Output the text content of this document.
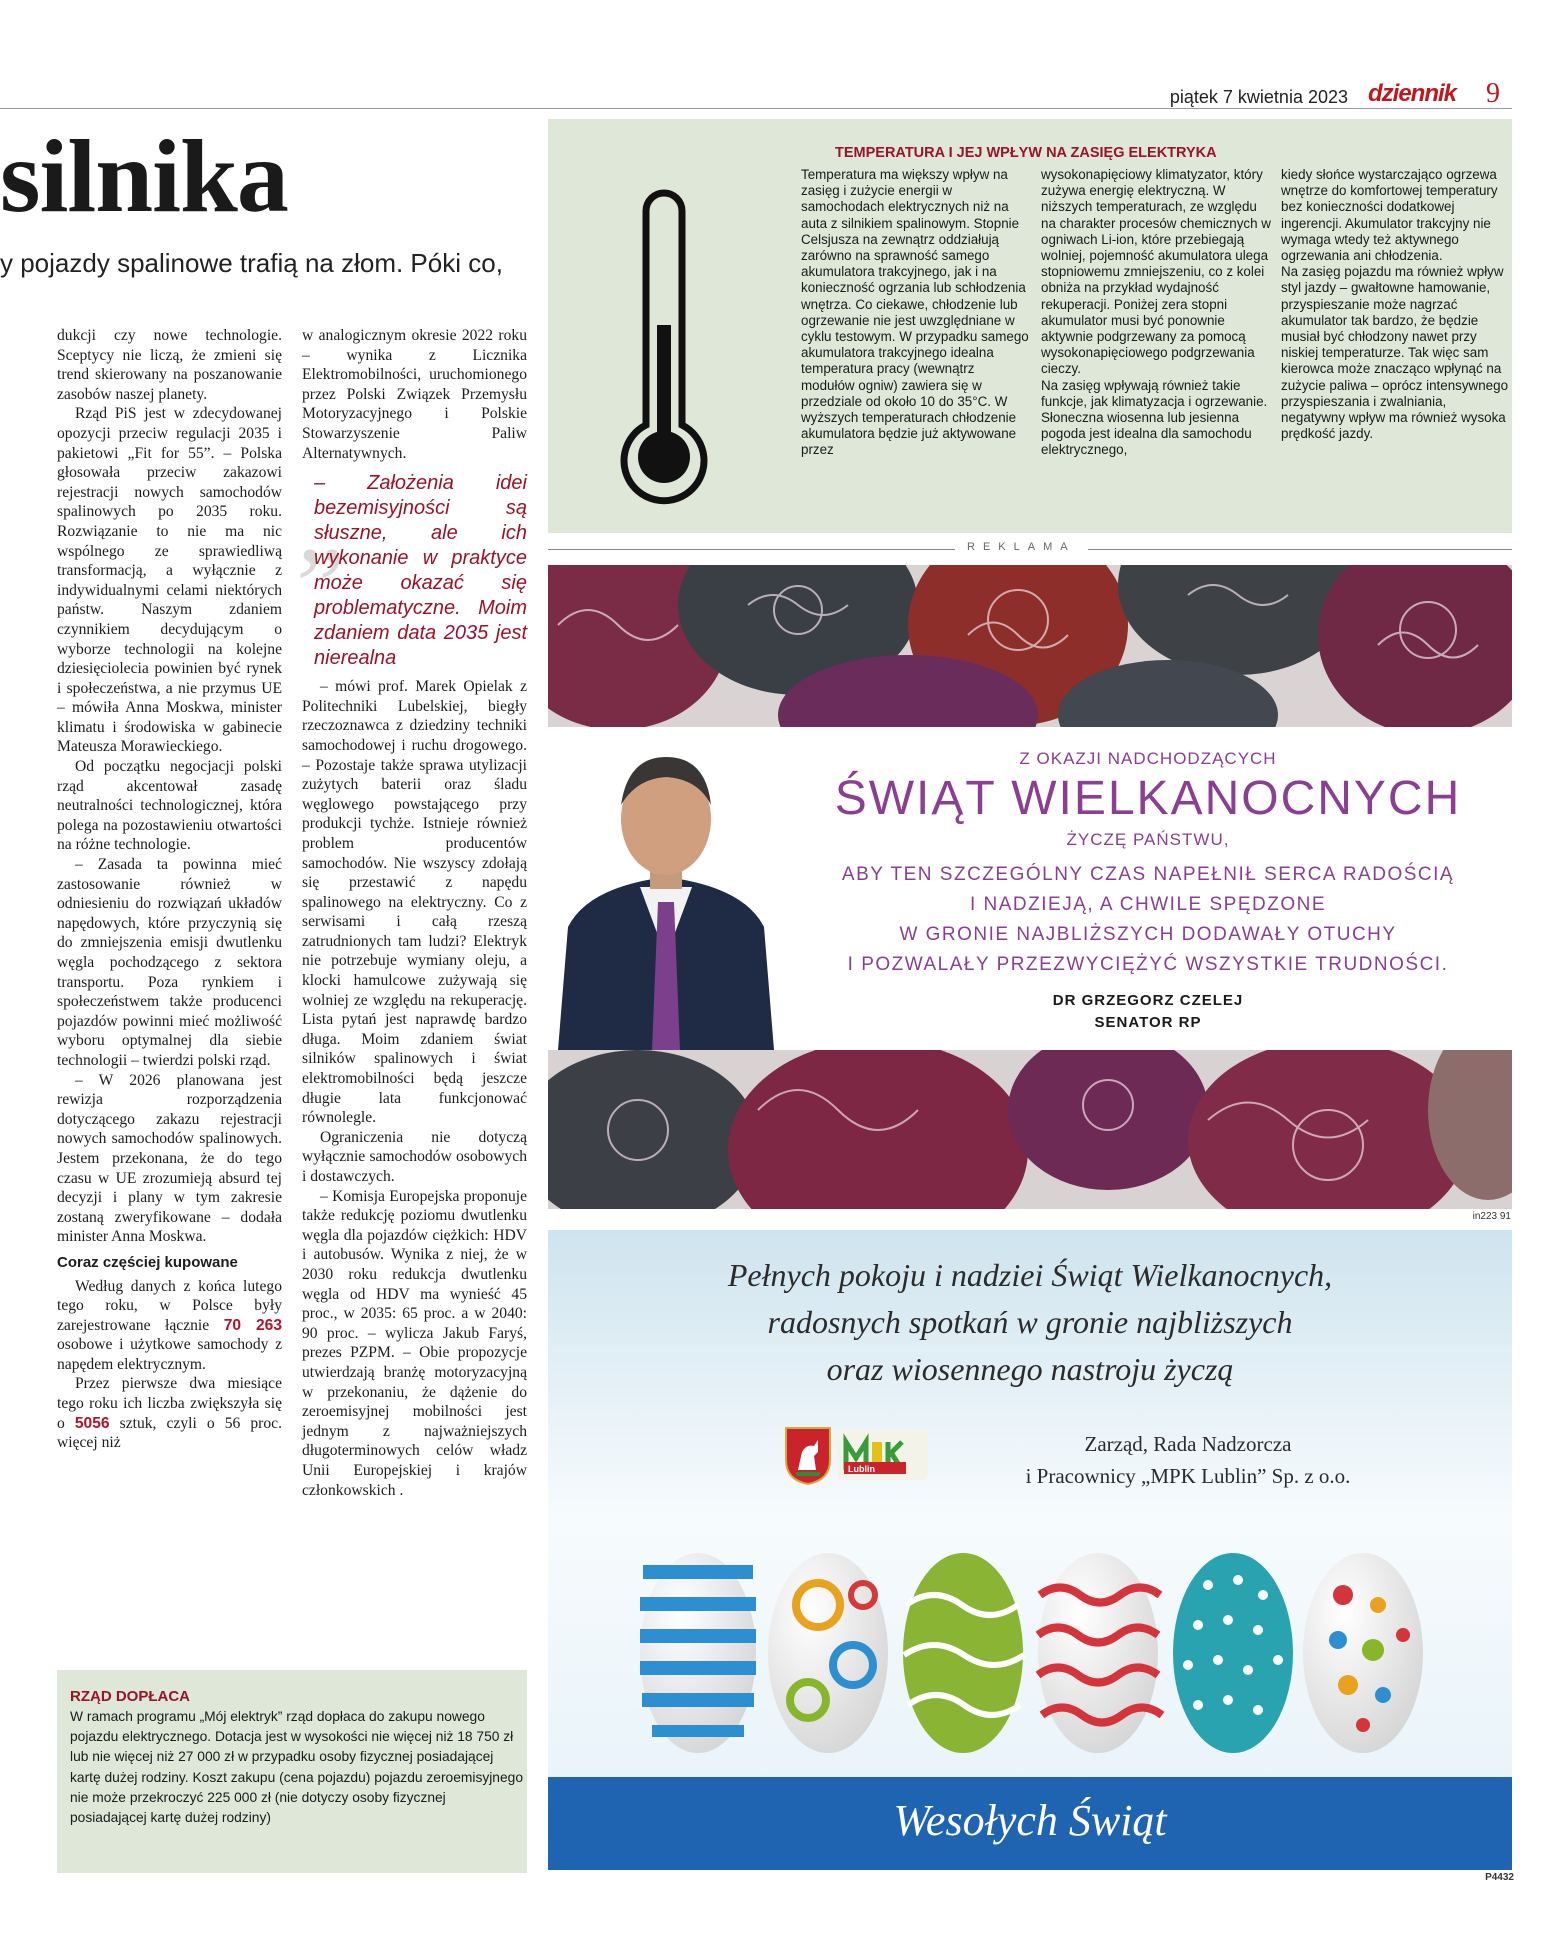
piątek 7 kwietnia 2023 dziennik 9
silnika
y pojazdy spalinowe trafią na złom. Póki co,

dukcji czy nowe technologie. Sceptycy nie liczą, że zmieni się trend skierowany na poszanowanie zasobów naszej planety.

Rząd PiS jest w zdecydowanej opozycji przeciw regulacji 2035 i pakietowi „Fit for 55”. – Polska głosowała przeciw zakazowi rejestracji nowych samochodów spalinowych po 2035 roku. Rozwiązanie to nie ma nic wspólnego ze sprawiedliwą transformacją, a wyłącznie z indywidualnymi celami niektórych państw. Naszym zdaniem czynnikiem decydującym o wyborze technologii na kolejne dziesięciolecia powinien być rynek i społeczeństwa, a nie przymus UE – mówiła Anna Moskwa, minister klimatu i środowiska w gabinecie Mateusza Morawieckiego.

Od początku negocjacji polski rząd akcentował zasadę neutralności technologicznej, która polega na pozostawieniu otwartości na różne technologie.

– Zasada ta powinna mieć zastosowanie również w odniesieniu do rozwiązań układów napędowych, które przyczynią się do zmniejszenia emisji dwutlenku węgla pochodzącego z sektora transportu. Poza rynkiem i społeczeństwem także producenci pojazdów powinni mieć możliwość wyboru optymalnej dla siebie technologii – twierdzi polski rząd.

– W 2026 planowana jest rewizja rozporządzenia dotyczącego zakazu rejestracji nowych samochodów spalinowych. Jestem przekonana, że do tego czasu w UE zrozumieją absurd tej decyzji i plany w tym zakresie zostaną zweryfikowane – dodała minister Anna Moskwa.

Coraz częściej kupowane

Według danych z końca lutego tego roku, w Polsce były zarejestrowane łącznie 70 263 osobowe i użytkowe samochody z napędem elektrycznym.

Przez pierwsze dwa miesiące tego roku ich liczba zwiększyła się o 5056 sztuk, czyli o 56 proc. więcej niż

w analogicznym okresie 2022 roku – wynika z Licznika Elektromobilności, uruchomionego przez Polski Związek Przemysłu Motoryzacyjnego i Polskie Stowarzyszenie Paliw Alternatywnych.

„
– Założenia idei bezemisyjności są słuszne, ale ich wykonanie w praktyce może okazać się problematyczne. Moim zdaniem data 2035 jest nierealna

– mówi prof. Marek Opielak z Politechniki Lubelskiej, biegły rzeczoznawca z dziedziny techniki samochodowej i ruchu drogowego. – Pozostaje także sprawa utylizacji zużytych baterii oraz śladu węglowego powstającego przy produkcji tychże. Istnieje również problem producentów samochodów. Nie wszyscy zdołają się przestawić z napędu spalinowego na elektryczny. Co z serwisami i całą rzeszą zatrudnionych tam ludzi? Elektryk nie potrzebuje wymiany oleju, a klocki hamulcowe zużywają się wolniej ze względu na rekuperację. Lista pytań jest naprawdę bardzo długa. Moim zdaniem świat silników spalinowych i świat elektromobilności będą jeszcze długie lata funkcjonować równolegle.

Ograniczenia nie dotyczą wyłącznie samochodów osobowych i dostawczych.

– Komisja Europejska proponuje także redukcję poziomu dwutlenku węgla dla pojazdów ciężkich: HDV i autobusów. Wynika z niej, że w 2030 roku redukcja dwutlenku węgla od HDV ma wynieść 45 proc., w 2035: 65 proc. a w 2040: 90 proc. – wylicza Jakub Faryś, prezes PZPM. – Obie propozycje utwierdzają branżę motoryzacyjną w przekonaniu, że dążenie do zeroemisyjnej mobilności jest jednym z najważniejszych długoterminowych celów władz Unii Europejskiej i krajów członkowskich .

RZĄD DOPŁACA
W ramach programu „Mój elektryk” rząd dopłaca do zakupu nowego pojazdu elektrycznego. Dotacja jest w wysokości nie więcej niż 18 750 zł lub nie więcej niż 27 000 zł w przypadku osoby fizycznej posiadającej kartę dużej rodziny. Koszt zakupu (cena pojazdu) pojazdu zeroemisyjnego nie może przekroczyć 225 000 zł (nie dotyczy osoby fizycznej posiadającej kartę dużej rodziny)
TEMPERATURA I JEJ WPŁYW NA ZASIĘG ELEKTRYKA
Temperatura ma większy wpływ na zasięg i zużycie energii w samochodach elektrycznych niż na auta z silnikiem spalinowym. Stopnie Celsjusza na zewnątrz oddziałują zarówno na sprawność samego akumulatora trakcyjnego, jak i na konieczność ogrzania lub schłodzenia wnętrza. Co ciekawe, chłodzenie lub ogrzewanie nie jest uwzględniane w cyklu testowym. W przypadku samego akumulatora trakcyjnego idealna temperatura pracy (wewnątrz modułów ogniw) zawiera się w przedziale od około 10 do 35°C. W wyższych temperaturach chłodzenie akumulatora będzie już aktywowane przez

wysokonapięciowy klimatyzator, który zużywa energię elektryczną. W niższych temperaturach, ze względu na charakter procesów chemicznych w ogniwach Li-ion, które przebiegają wolniej, pojemność akumulatora ulega stopniowemu zmniejszeniu, co z kolei obniża na przykład wydajność rekuperacji. Poniżej zera stopni akumulator musi być ponownie aktywnie podgrzewany za pomocą wysokonapięciowego podgrzewania cieczy.

Na zasięg wpływają również takie funkcje, jak klimatyzacja i ogrzewanie. Słoneczna wiosenna lub jesienna pogoda jest idealna dla samochodu elektrycznego,

kiedy słońce wystarczająco ogrzewa wnętrze do komfortowej temperatury bez konieczności dodatkowej ingerencji. Akumulator trakcyjny nie wymaga wtedy też aktywnego ogrzewania ani chłodzenia.

Na zasięg pojazdu ma również wpływ styl jazdy – gwałtowne hamowanie, przyspieszanie może nagrzać akumulator tak bardzo, że będzie musiał być chłodzony nawet przy niskiej temperaturze. Tak więc sam kierowca może znacząco wpłynąć na zużycie paliwa – oprócz intensywnego przyspieszania i zwalniania, negatywny wpływ ma również wysoka prędkość jazdy.

REKLAMA
Z OKAZJI NADCHODZĄCYCH
ŚWIĄT WIELKANOCNYCH
ŻYCZĘ PAŃSTWU,
ABY TEN SZCZEGÓLNY CZAS NAPEŁNIŁ SERCA RADOŚCIĄ
I NADZIEJĄ, A CHWILE SPĘDZONE
W GRONIE NAJBLIŻSZYCH DODAWAŁY OTUCHY
I POZWALAŁY PRZEZWYCIĘŻYĆ WSZYSTKIE TRUDNOŚCI.
DR GRZEGORZ CZELEJ
SENATOR RP
in223 91
Pełnych pokoju i nadziei Świąt Wielkanocnych,
radosnych spotkań w gronie najbliższych
oraz wiosennego nastroju życzą
Lublin
Zarząd, Rada Nadzorcza
i Pracownicy „MPK Lublin” Sp. z o.o.
Wesołych Świąt
P4432
